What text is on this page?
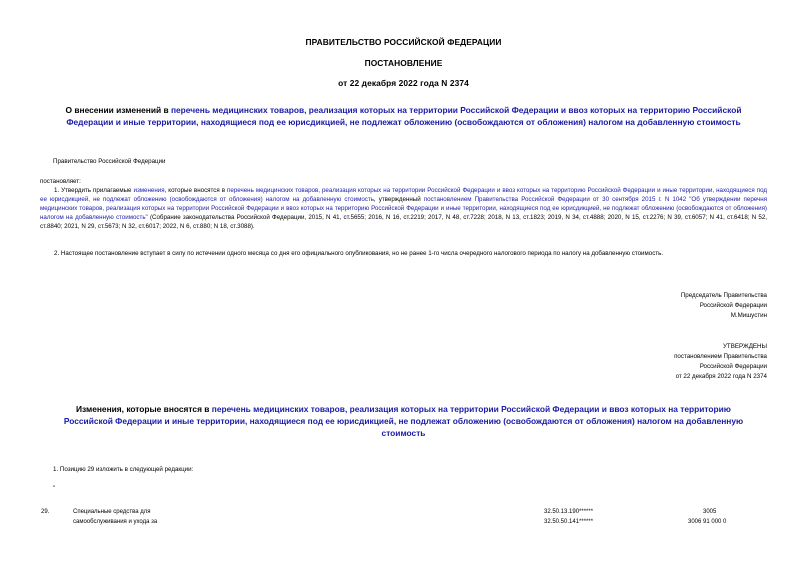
ПРАВИТЕЛЬСТВО РОССИЙСКОЙ ФЕДЕРАЦИИ
ПОСТАНОВЛЕНИЕ
от 22 декабря 2022 года N 2374
О внесении изменений в перечень медицинских товаров, реализация которых на территории Российской Федерации и ввоз которых на территорию Российской
Федерации и иные территории, находящиеся под ее юрисдикцией, не подлежат обложению (освобождаются от обложения) налогом на добавленную стоимость
Правительство Российской Федерации
постановляет:
1. Утвердить прилагаемые изменения, которые вносятся в перечень медицинских товаров, реализация которых на территории Российской Федерации и ввоз которых на территорию Российской Федерации и иные территории, находящиеся под ее юрисдикцией, не подлежат обложению (освобождаются от обложения) налогом на добавленную стоимость, утвержденный постановлением Правительства Российской Федерации от 30 сентября 2015 г. N 1042 "Об утверждении перечня медицинских товаров, реализация которых на территории Российской Федерации и ввоз которых на территорию Российской Федерации и иные территории, находящиеся под ее юрисдикцией, не подлежат обложению (освобождаются от обложения) налогом на добавленную стоимость" (Собрание законодательства Российской Федерации, 2015, N 41, ст.5655; 2016, N 16, ст.2219; 2017, N 48, ст.7228; 2018, N 13, ст.1823; 2019, N 34, ст.4888; 2020, N 15, ст.2276; N 39, ст.6057; N 41, ст.6418; N 52, ст.8840; 2021, N 29, ст.5673; N 32, ст.6017; 2022, N 6, ст.880; N 18, ст.3088).
2. Настоящее постановление вступает в силу по истечении одного месяца со дня его официального опубликования, но не ранее 1-го числа очередного налогового периода по налогу на добавленную стоимость.
Председатель Правительства
Российской Федерации
М.Мишустин
УТВЕРЖДЕНЫ
постановлением Правительства
Российской Федерации
от 22 декабря 2022 года N 2374
Изменения, которые вносятся в перечень медицинских товаров, реализация которых на территории Российской Федерации и ввоз которых на территорию
Российской Федерации и иные территории, находящиеся под ее юрисдикцией, не подлежат обложению (освобождаются от обложения) налогом на добавленную
стоимость
1. Позицию 29 изложить в следующей редакции:
"
29.	Специальные средства для
самообслуживания и ухода за
32.50.13.190******
32.50.50.141******
3005
3006 91 000 0
